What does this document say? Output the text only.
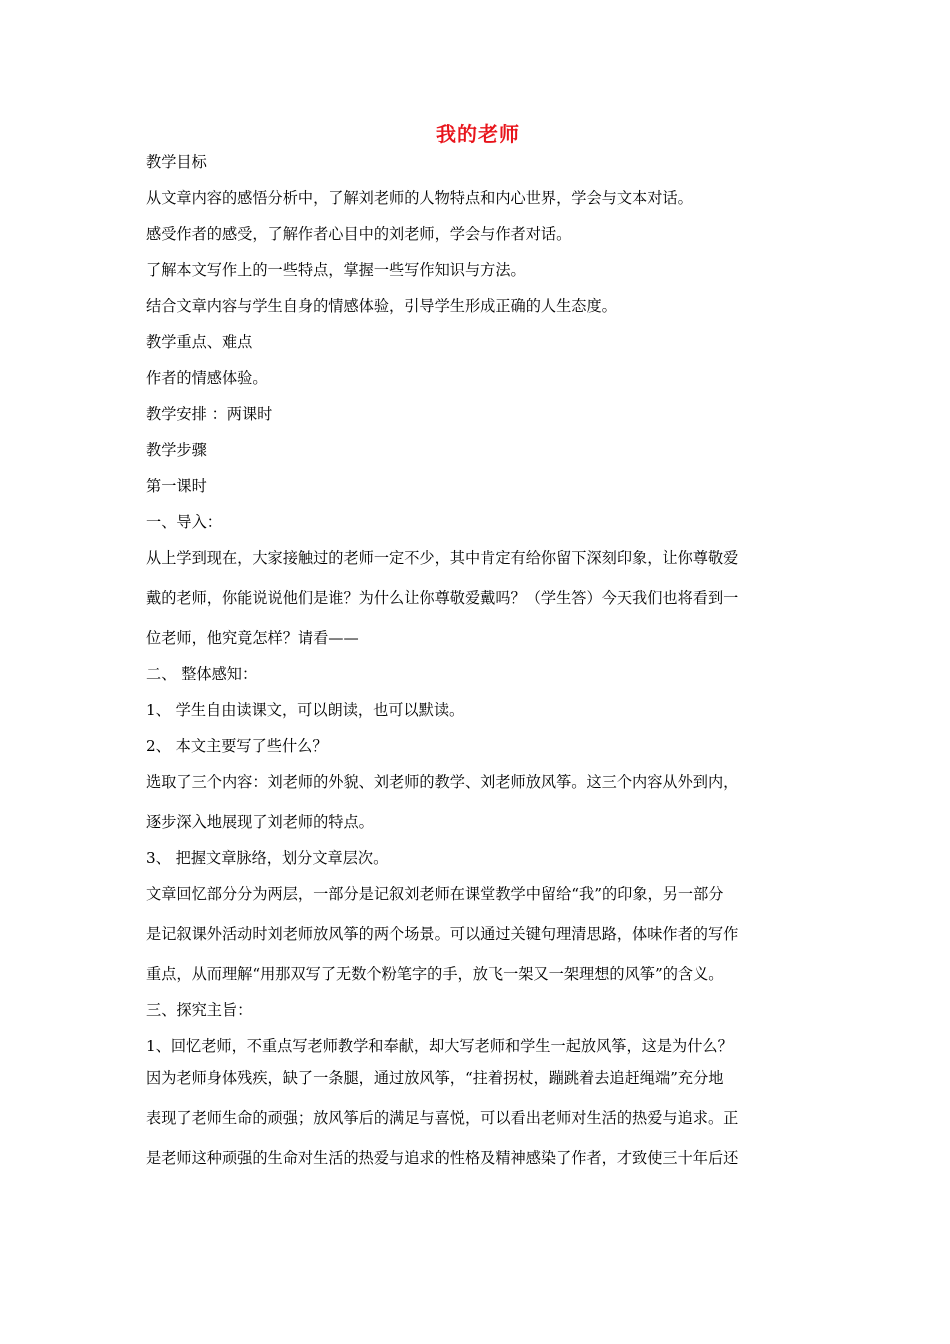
我的老师

教学目标

从文章内容的感悟分析中，了解刘老师的人物特点和内心世界，学会与文本对话。

感受作者的感受，了解作者心目中的刘老师，学会与作者对话。

了解本文写作上的一些特点，掌握一些写作知识与方法。

结合文章内容与学生自身的情感体验，引导学生形成正确的人生态度。

教学重点、难点

作者的情感体验。

教学安排 ：两课时

教学步骤

第一课时

一、导入：

从上学到现在，大家接触过的老师一定不少，其中肯定有给你留下深刻印象，让你尊敬爱
戴的老师，你能说说他们是谁？为什么让你尊敬爱戴吗？（学生答）今天我们也将看到一
位老师，他究竟怎样？请看——

二、 整体感知：

1、 学生自由读课文，可以朗读，也可以默读。

2、 本文主要写了些什么？

选取了三个内容：刘老师的外貌、刘老师的教学、刘老师放风筝。这三个内容从外到内，
逐步深入地展现了刘老师的特点。

3、 把握文章脉络，划分文章层次。

文章回忆部分分为两层，一部分是记叙刘老师在课堂教学中留给“我”的印象，另一部分
是记叙课外活动时刘老师放风筝的两个场景。可以通过关键句理清思路，体味作者的写作
重点，从而理解“用那双写了无数个粉笔字的手，放飞一架又一架理想的风筝”的含义。

三、探究主旨：

1、回忆老师，不重点写老师教学和奉献，却大写老师和学生一起放风筝，这是为什么？

因为老师身体残疾，缺了一条腿，通过放风筝，“拄着拐杖，蹦跳着去追赶绳端”充分地
表现了老师生命的顽强；放风筝后的满足与喜悦，可以看出老师对生活的热爱与追求。正
是老师这种顽强的生命对生活的热爱与追求的性格及精神感染了作者，才致使三十年后还
